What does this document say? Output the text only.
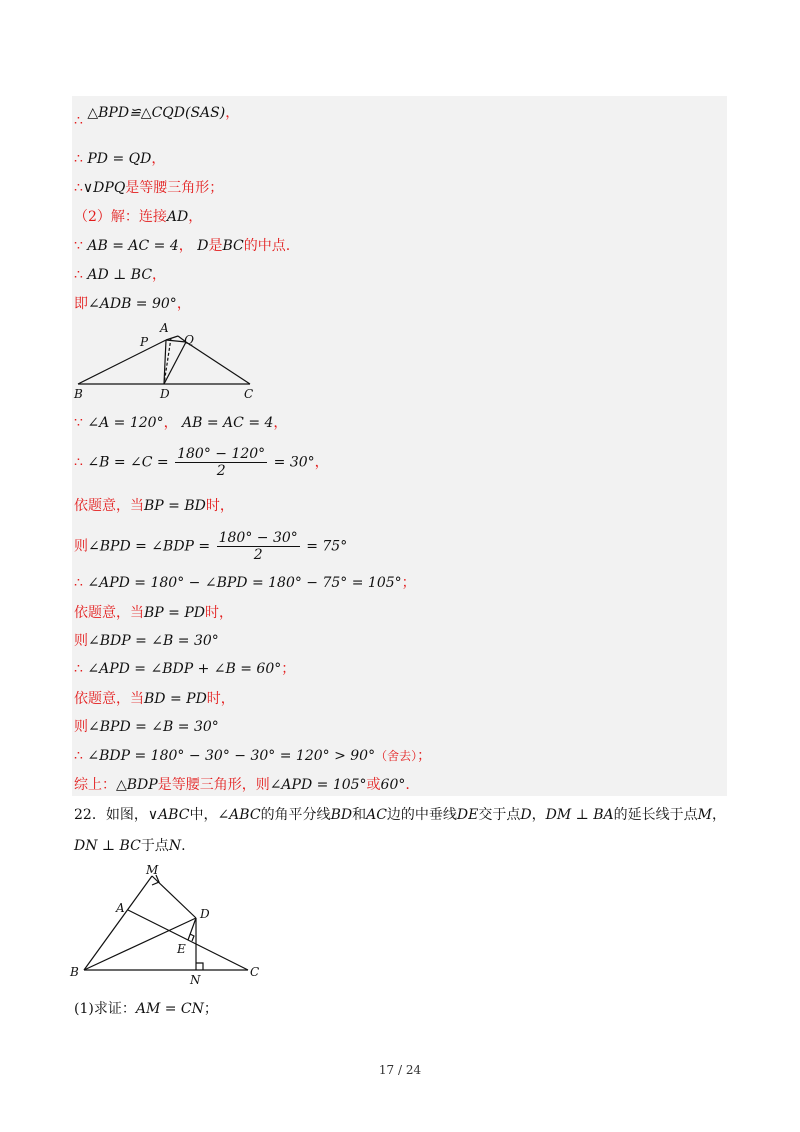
∴ △BPD≌△CQD(SAS)，
∴ PD = QD，
∴∨DPQ是等腰三角形；
（2）解：连接AD，
∵ AB = AC = 4， D是BC的中点.
∴ AD ⊥ BC，
即∠ADB = 90°，
A
P	Q
B	D	C
∵ ∠A = 120°， AB = AC = 4，
∴ ∠B = ∠C = $\frac{180^\circ - 120^\circ}{2} = 30^\circ$，
依题意，当BP = BD时，
则∠BPD = ∠BDP = $\frac{180^\circ - 30^\circ}{2} = 75^\circ$
∴ ∠APD = 180° − ∠BPD = 180° − 75° = 105°；
依题意，当BP = PD时，
则∠BDP = ∠B = 30°
∴ ∠APD = ∠BDP + ∠B = 60°；
依题意，当BD = PD时，
则∠BPD = ∠B = 30°
∴ ∠BDP = 180° − 30° − 30° = 120° > 90°（舍去）；
综上：△BDP是等腰三角形，则∠APD = 105°或60°.
22．如图，∨ABC中，∠ABC的角平分线BD和AC边的中垂线DE交于点D，DM ⊥ BA的延长线于点M，
DN ⊥ BC于点N.
M
A	D
E
B
N
C
(1)求证：AM = CN；
17 / 24
